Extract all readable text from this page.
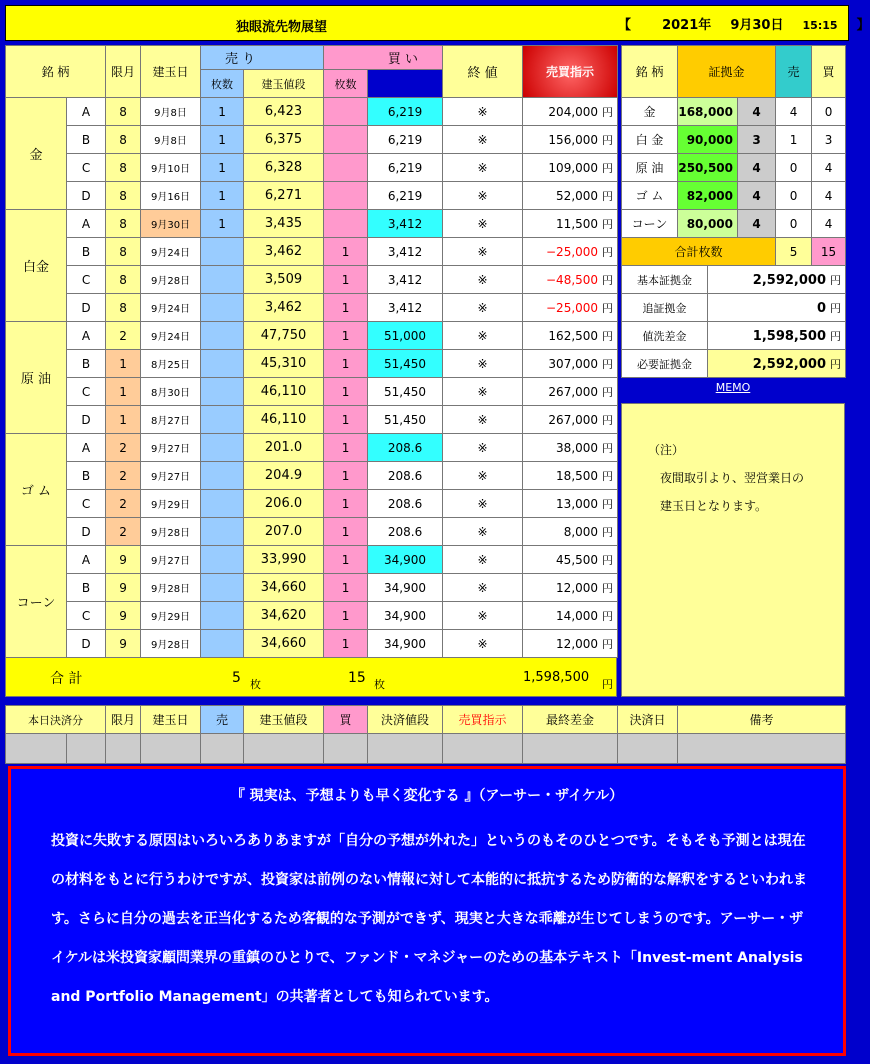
独眼流先物展望	【 2021年 9月30日 15:15 】
銘 柄		限月	建玉日	売 り		買 い		終 値	売買指示	
				枚数	建玉値段	枚数				
金	A	8	9月8日	1	6,423		6,219	※	204,000 円	
	B	8	9月8日	1	6,375		6,219	※	156,000 円	
	C	8	9月10日	1	6,328		6,219	※	109,000 円	
	D	8	9月16日	1	6,271		6,219	※	52,000 円	
白金	A	8	9月30日	1	3,435		3,412	※	11,500 円	
	B	8	9月24日		3,462	1	3,412	※	−25,000 円	
	C	8	9月28日		3,509	1	3,412	※	−48,500 円	
	D	8	9月24日		3,462	1	3,412	※	−25,000 円	
原 油	A	2	9月24日		47,750	1	51,000	※	162,500 円	
	B	1	8月25日		45,310	1	51,450	※	307,000 円	
	C	1	8月30日		46,110	1	51,450	※	267,000 円	
	D	1	8月27日		46,110	1	51,450	※	267,000 円	
ゴ ム	A	2	9月27日		201.0	1	208.6	※	38,000 円	
	B	2	9月27日		204.9	1	208.6	※	18,500 円	
	C	2	9月29日		206.0	1	208.6	※	13,000 円	
	D	2	9月28日		207.0	1	208.6	※	8,000 円	
コーン	A	9	9月27日		33,990	1	34,900	※	45,500 円	
	B	9	9月28日		34,660	1	34,900	※	12,000 円	
	C	9	9月29日		34,620	1	34,900	※	14,000 円	
	D	9	9月28日		34,660	1	34,900	※	12,000 円	
合 計	5 枚	15 枚	1,598,500 円
銘 柄	証拠金		売	買
金	168,000	4	4	0
白 金	90,000	3	1	3
原 油	250,500	4	0	4
ゴ ム	82,000	4	0	4
コーン	80,000	4	0	4
合計枚数			5	15
基本証拠金	2,592,000 円
追証拠金	0 円
値洗差金	1,598,500 円
必要証拠金	2,592,000 円
MEMO
（注）
　夜間取引より、翌営業日の
　建玉日となります。
本日決済分		限月	建玉日	売	建玉値段	買	決済値段	売買指示	最終差金	決済日	備考

『 現実は、予想よりも早く変化する 』（アーサー・ザイケル）
投資に失敗する原因はいろいろありあますが「自分の予想が外れた」というのもそのひとつです。そもそも予測とは現在の材料をもとに行うわけですが、投資家は前例のない情報に対して本能的に抵抗するため防衛的な解釈をするといわれます。さらに自分の過去を正当化するため客観的な予測ができず、現実と大きな乖離が生じてしまうのです。アーサー・ザイケルは米投資家顧問業界の重鎮のひとりで、ファンド・マネジャーのための基本テキスト「Invest-ment Analysis and Portfolio Management」の共著者としても知られています。
